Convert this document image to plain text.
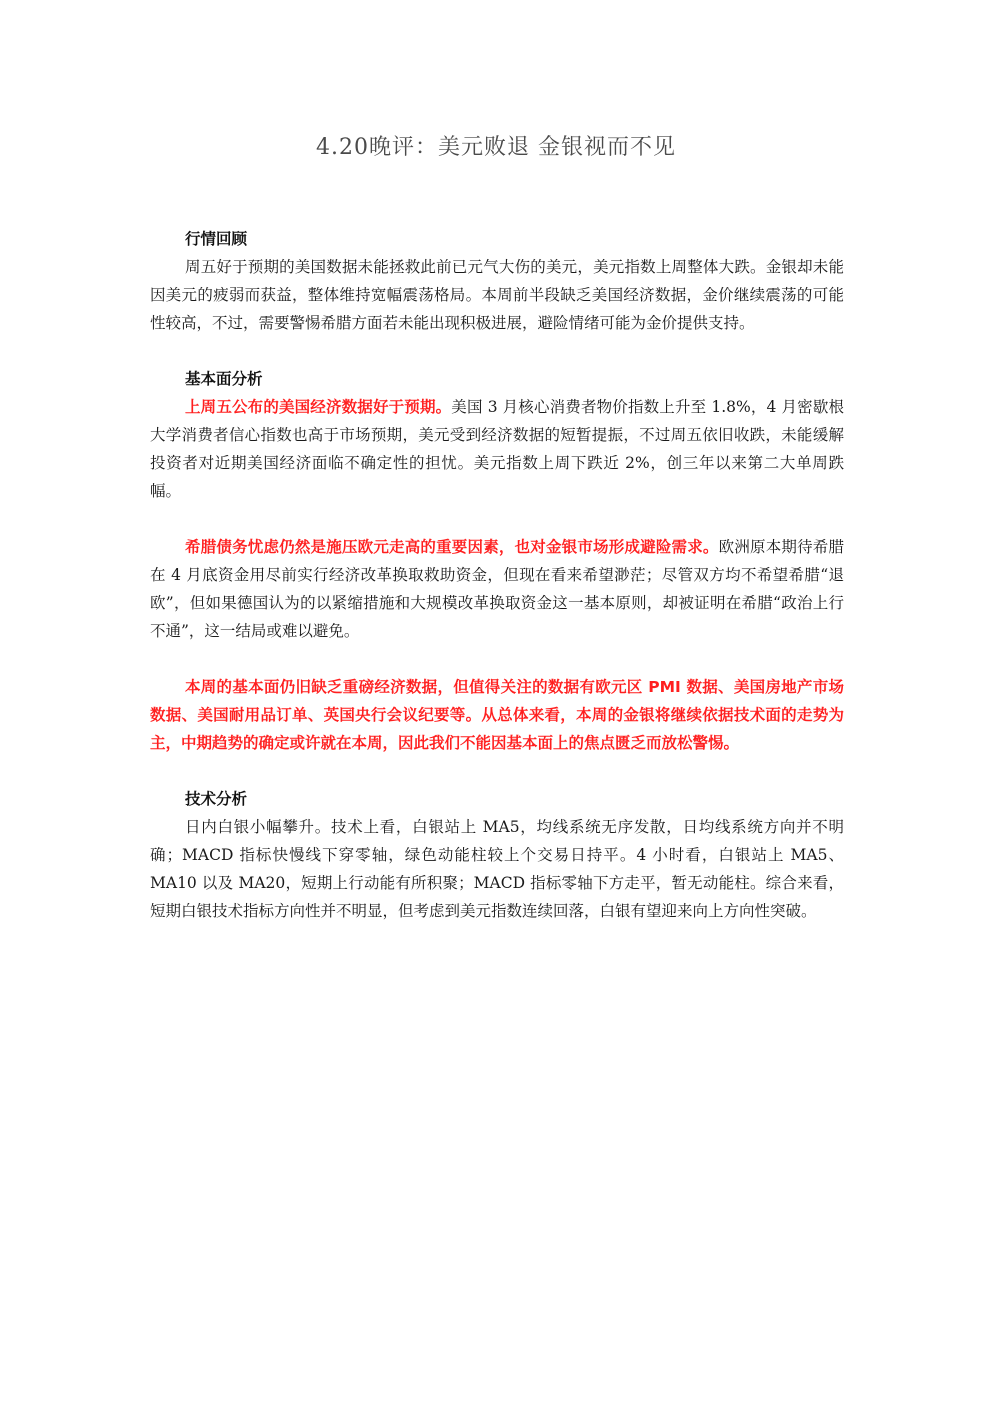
4.20晚评：美元败退 金银视而不见
行情回顾

周五好于预期的美国数据未能拯救此前已元气大伤的美元，美元指数上周整体大跌。金银却未能因美元的疲弱而获益，整体维持宽幅震荡格局。本周前半段缺乏美国经济数据，金价继续震荡的可能性较高，不过，需要警惕希腊方面若未能出现积极进展，避险情绪可能为金价提供支持。

基本面分析

上周五公布的美国经济数据好于预期。美国 3 月核心消费者物价指数上升至 1.8%，4 月密歇根大学消费者信心指数也高于市场预期，美元受到经济数据的短暂提振，不过周五依旧收跌，未能缓解投资者对近期美国经济面临不确定性的担忧。美元指数上周下跌近 2%，创三年以来第二大单周跌幅。

希腊债务忧虑仍然是施压欧元走高的重要因素，也对金银市场形成避险需求。欧洲原本期待希腊在 4 月底资金用尽前实行经济改革换取救助资金，但现在看来希望渺茫；尽管双方均不希望希腊“退欧”，但如果德国认为的以紧缩措施和大规模改革换取资金这一基本原则，却被证明在希腊“政治上行不通”，这一结局或难以避免。

本周的基本面仍旧缺乏重磅经济数据，但值得关注的数据有欧元区 PMI 数据、美国房地产市场数据、美国耐用品订单、英国央行会议纪要等。从总体来看，本周的金银将继续依据技术面的走势为主，中期趋势的确定或许就在本周，因此我们不能因基本面上的焦点匮乏而放松警惕。

技术分析

日内白银小幅攀升。技术上看，白银站上 MA5，均线系统无序发散，日均线系统方向并不明确；MACD 指标快慢线下穿零轴，绿色动能柱较上个交易日持平。4 小时看，白银站上 MA5、MA10 以及 MA20，短期上行动能有所积聚；MACD 指标零轴下方走平，暂无动能柱。综合来看，短期白银技术指标方向性并不明显，但考虑到美元指数连续回落，白银有望迎来向上方向性突破。
